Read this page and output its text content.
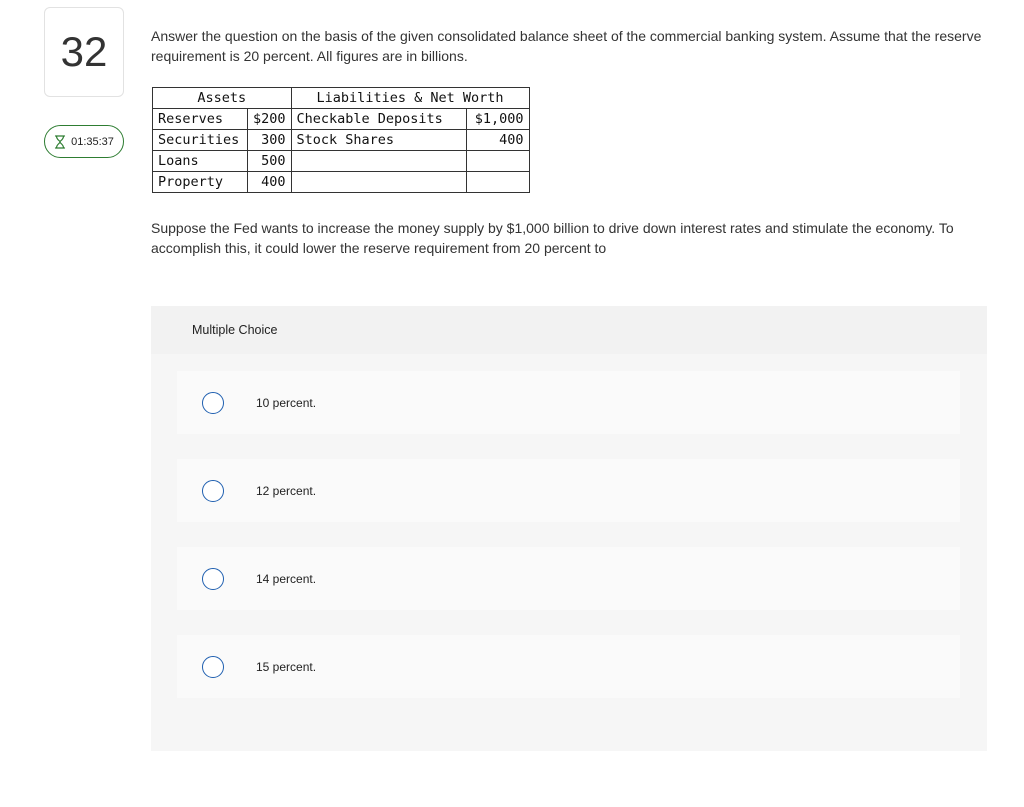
32
01:35:37
Answer the question on the basis of the given consolidated balance sheet of the commercial banking system. Assume that the reserve requirement is 20 percent. All figures are in billions.
Assets		Liabilities & Net Worth	
Reserves	$200	Checkable Deposits	$1,000
Securities	300	Stock Shares	400
Loans	500		
Property	400		
Suppose the Fed wants to increase the money supply by $1,000 billion to drive down interest rates and stimulate the economy. To accomplish this, it could lower the reserve requirement from 20 percent to
Multiple Choice
10 percent.
12 percent.
14 percent.
15 percent.
